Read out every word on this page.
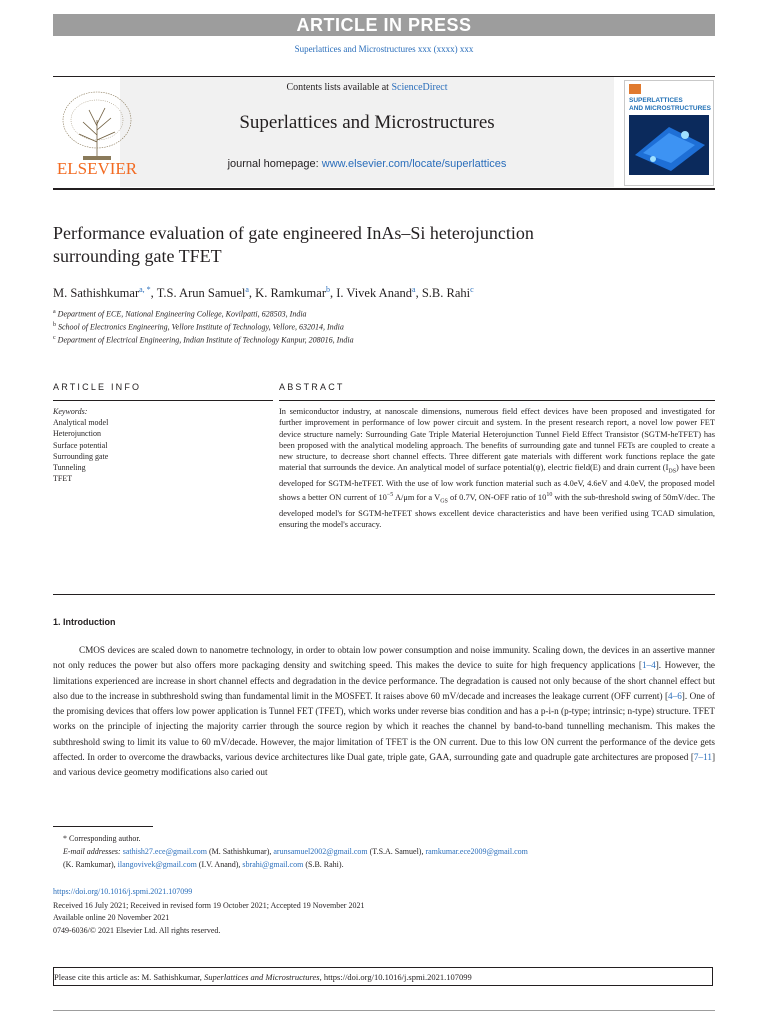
ARTICLE IN PRESS
Superlattices and Microstructures xxx (xxxx) xxx
ELSEVIER
Contents lists available at ScienceDirect
Superlattices and Microstructures
journal homepage: www.elsevier.com/locate/superlattices
SUPERLATTICES
AND MICROSTRUCTURES
Performance evaluation of gate engineered InAs–Si heterojunction
surrounding gate TFET
M. Sathishkumar$^{a, *}$, T.S. Arun Samuel$^a$, K. Ramkumar$^b$, I. Vivek Anand$^a$, S.B. Rahi$^c$
$^a$ Department of ECE, National Engineering College, Kovilpatti, 628503, India
$^b$ School of Electronics Engineering, Vellore Institute of Technology, Vellore, 632014, India
$^c$ Department of Electrical Engineering, Indian Institute of Technology Kanpur, 208016, India
ARTICLE INFO	ABSTRACT
Keywords:
Analytical model
Heterojunction
Surface potential
Surrounding gate
Tunneling
TFET
In semiconductor industry, at nanoscale dimensions, numerous field effect devices have been proposed and investigated for further improvement in performance of low power circuit and system. In the present research report, a novel low power FET device structure namely: Surrounding Gate Triple Material Heterojunction Tunnel Field Effect Transistor (SGTM-heTFET) has been proposed with the analytical modeling approach. The benefits of surrounding gate and tunnel FETs are coupled to create a new structure, to decrease short channel effects. Three different gate materials with different work functions replace the gate material that surrounds the device. An analytical model of surface potential(ψ), electric field(E) and drain current $(I_{DS})$ have been developed for SGTM-heTFET. With the use of low work function material such as 4.0eV, 4.6eV and 4.0eV, the proposed model shows a better ON current of $10^{-5}$ A/μm for a $V_{GS}$ of 0.7V, ON-OFF ratio of $10^{10}$ with the sub-threshold swing of 50mV/dec. The developed model's for SGTM-heTFET shows excellent device characteristics and have been verified using TCAD simulation, ensuring the model's accuracy.
1. Introduction
CMOS devices are scaled down to nanometre technology, in order to obtain low power consumption and noise immunity. Scaling down, the devices in an assertive manner not only reduces the power but also offers more packaging density and switching speed. This makes the device to suite for high frequency applications [1–4]. However, the limitations experienced are increase in short channel effects and degradation in the device performance. The degradation is caused not only because of the short channel effect but also due to the increase in subthreshold swing than fundamental limit in the MOSFET. It raises above 60 mV/decade and increases the leakage current (OFF current) [4–6]. One of the promising devices that offers low power application is Tunnel FET (TFET), which works under reverse bias condition and has a p-i-n (p-type; intrinsic; n-type) structure. TFET works on the principle of injecting the majority carrier through the source region by which it reaches the channel by band-to-band tunnelling mechanism. This makes the subthreshold swing to limit its value to 60 mV/decade. However, the major limitation of TFET is the ON current. Due to this low ON current the performance of the device gets affected. In order to overcome the drawbacks, various device architectures like Dual gate, triple gate, GAA, surrounding gate and quadruple gate architectures are proposed [7–11] and various device geometry modifications also caried out
* Corresponding author.
E-mail addresses: sathish27.ece@gmail.com (M. Sathishkumar), arunsamuel2002@gmail.com (T.S.A. Samuel), ramkumar.ece2009@gmail.com
(K. Ramkumar), ilangovivek@gmail.com (I.V. Anand), sbrahi@gmail.com (S.B. Rahi).
https://doi.org/10.1016/j.spmi.2021.107099
Received 16 July 2021; Received in revised form 19 October 2021; Accepted 19 November 2021
Available online 20 November 2021
0749-6036/© 2021 Elsevier Ltd. All rights reserved.
Please cite this article as: M. Sathishkumar, Superlattices and Microstructures, https://doi.org/10.1016/j.spmi.2021.107099
